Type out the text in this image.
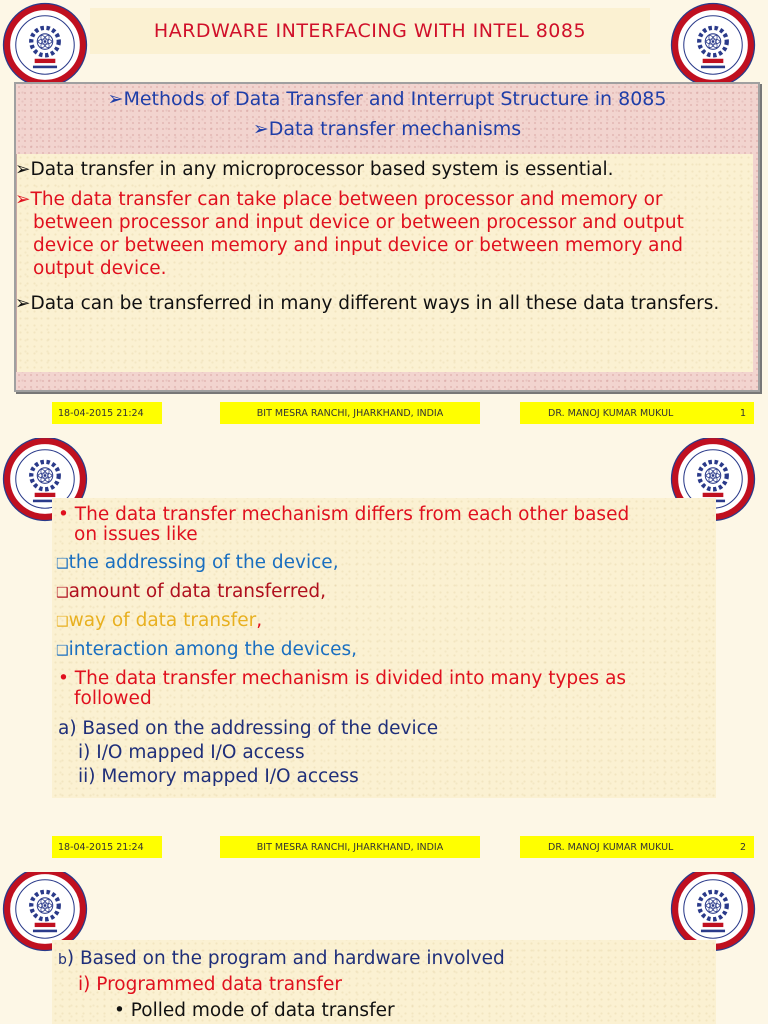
HARDWARE INTERFACING WITH INTEL 8085
➢Methods of Data Transfer and Interrupt Structure in 8085
➢Data transfer mechanisms
➢Data transfer in any microprocessor based system is essential.
➢The data transfer can take place between processor and memory or between processor and input device or between processor and output device or between memory and input device or between memory and output device.
➢Data can be transferred in many different ways in all these data transfers.
18-04-2015 21:24	BIT MESRA RANCHI, JHARKHAND, INDIA	DR. MANOJ KUMAR MUKUL	1
• The data transfer mechanism differs from each other based
on issues like
❑the addressing of the device,
❑amount of data transferred,
❑way of data transfer,
❑interaction among the devices,
• The data transfer mechanism is divided into many types as
followed
a) Based on the addressing of the device
i) I/O mapped I/O access
ii) Memory mapped I/O access
18-04-2015 21:24	BIT MESRA RANCHI, JHARKHAND, INDIA	DR. MANOJ KUMAR MUKUL	2
b) Based on the program and hardware involved
i) Programmed data transfer
• Polled mode of data transfer
